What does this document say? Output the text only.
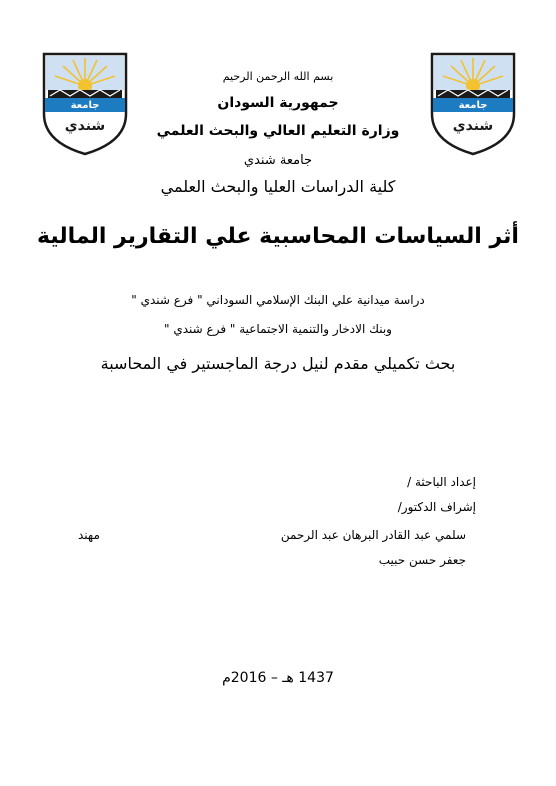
جامعة
شندي
جامعة
شندي
بسم الله الرحمن الرحيم
جمهورية السودان
وزارة التعليم العالي والبحث العلمي
جامعة شندي
كلية الدراسات العليا والبحث العلمي
أثر السياسات المحاسبية علي التقارير المالية
دراسة ميدانية علي البنك الإسلامي السوداني " فرع شندي "
وبنك الادخار والتنمية الاجتماعية " فرع شندي "
بحث تكميلي مقدم لنيل درجة الماجستير في المحاسبة
إعداد الباحثة /
إشراف الدكتور/
سلمي عبد القادر البرهان عبد الرحمن
مهند
جعفر حسن حبيب
1437 هـ – 2016م
